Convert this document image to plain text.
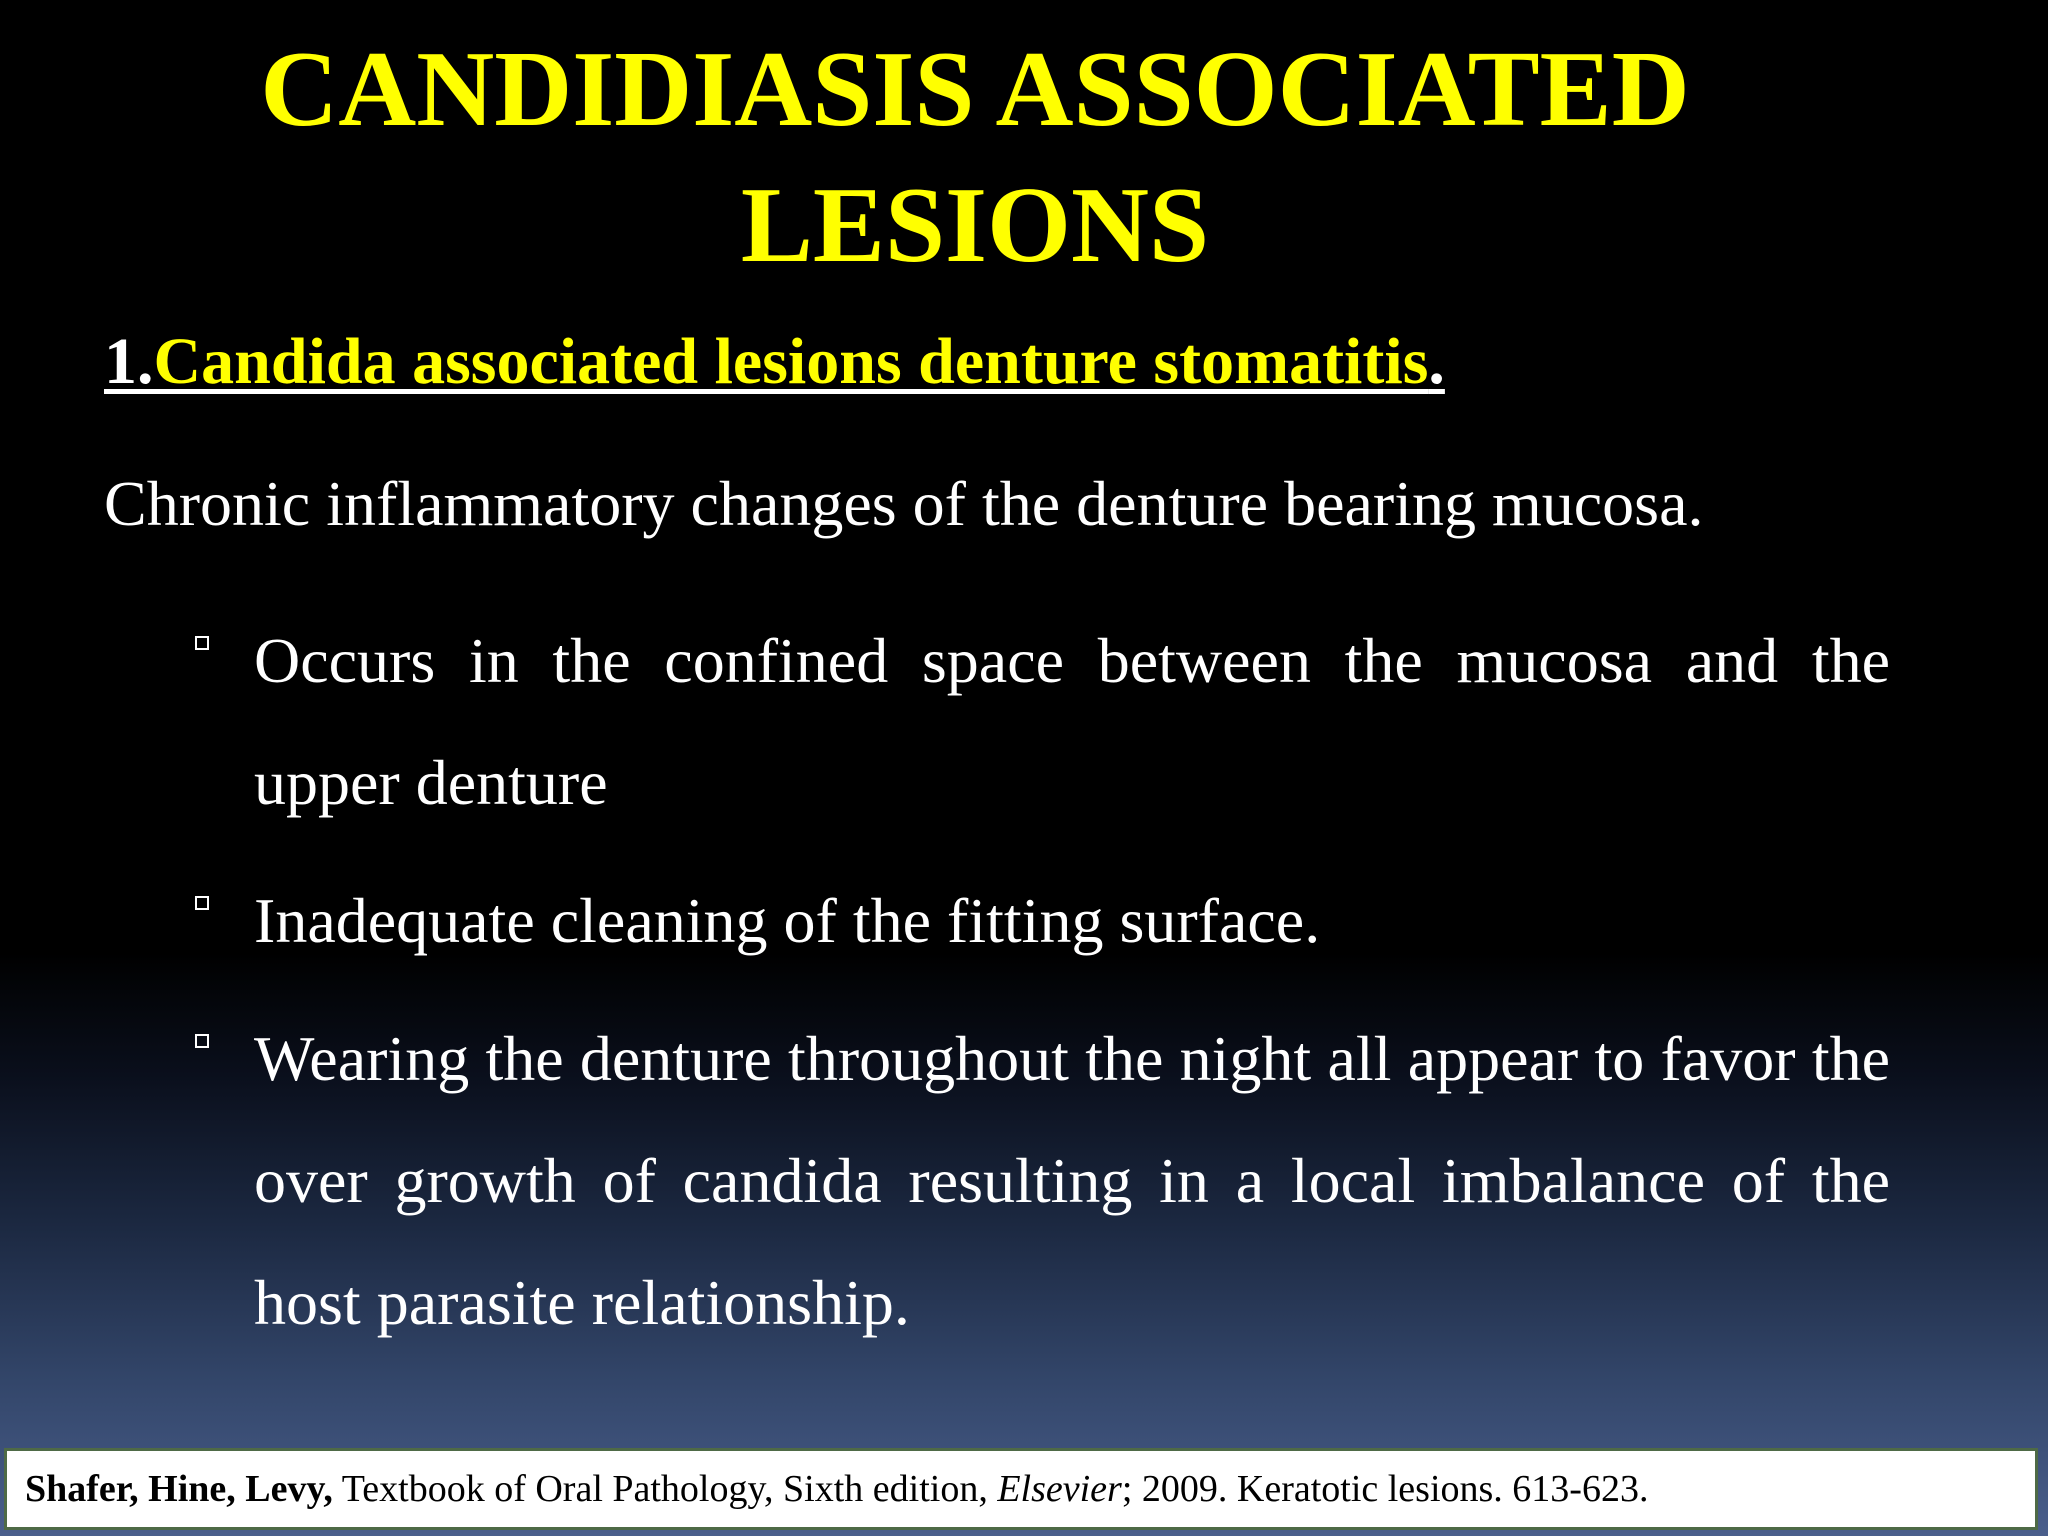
CANDIDIASIS ASSOCIATED
LESIONS
1.Candida associated lesions denture stomatitis.

Chronic inflammatory changes of the denture bearing mucosa.

Occurs in the confined space between the mucosa and the upper denture
Inadequate cleaning of the fitting surface.
Wearing the denture throughout the night all appear to favor the over growth of candida resulting in a local imbalance of the host parasite relationship.
Shafer, Hine, Levy, Textbook of Oral Pathology, Sixth edition, Elsevier; 2009. Keratotic lesions. 613-623.
